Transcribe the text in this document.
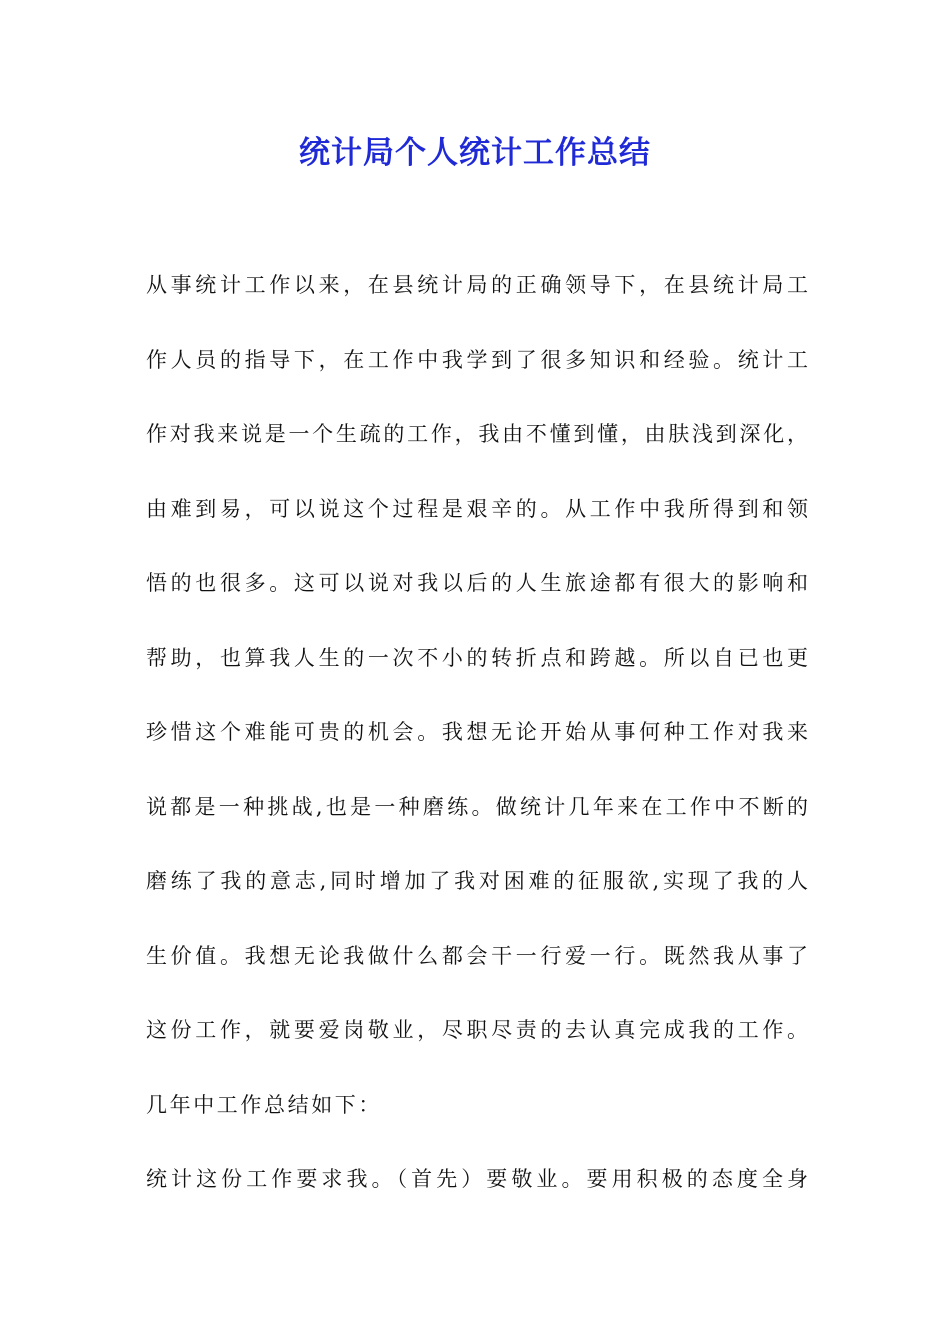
统计局个人统计工作总结
从事统计工作以来，在县统计局的正确领导下，在县统计局工
作人员的指导下，在工作中我学到了很多知识和经验。统计工
作对我来说是一个生疏的工作，我由不懂到懂，由肤浅到深化，
由难到易，可以说这个过程是艰辛的。从工作中我所得到和领
悟的也很多。这可以说对我以后的人生旅途都有很大的影响和
帮助，也算我人生的一次不小的转折点和跨越。所以自已也更
珍惜这个难能可贵的机会。我想无论开始从事何种工作对我来
说都是一种挑战,也是一种磨练。做统计几年来在工作中不断的
磨练了我的意志,同时增加了我对困难的征服欲,实现了我的人
生价值。我想无论我做什么都会干一行爱一行。既然我从事了
这份工作，就要爱岗敬业，尽职尽责的去认真完成我的工作。
几年中工作总结如下：
统计这份工作要求我。（首先）要敬业。要用积极的态度全身
